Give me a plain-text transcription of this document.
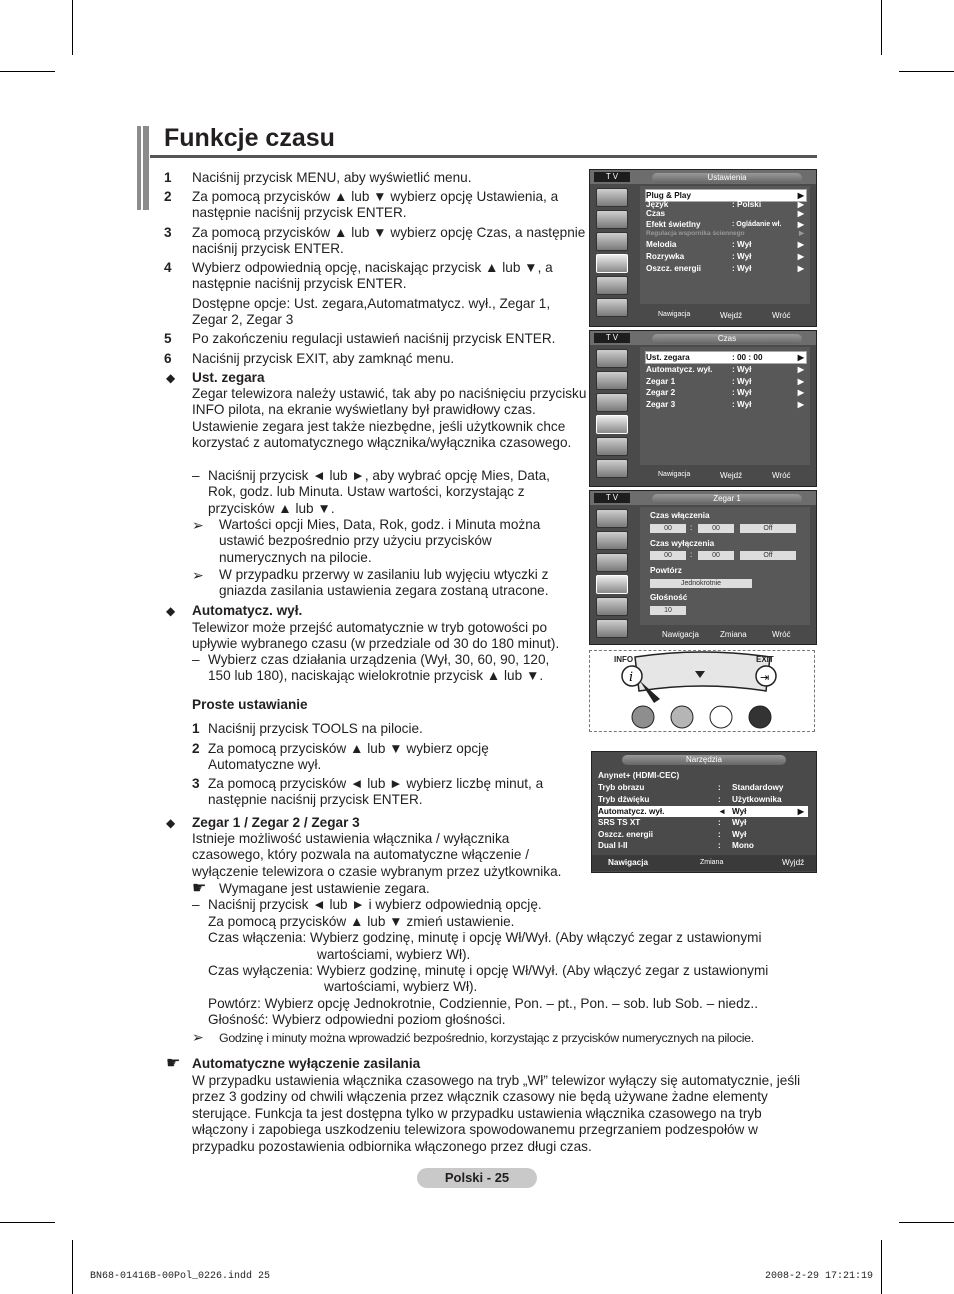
Funkcje czasu
1 Naciśnij przycisk MENU, aby wyświetlić menu.
2 Za pomocą przycisków ▲ lub ▼ wybierz opcję Ustawienia, a następnie naciśnij przycisk ENTER.
3 Za pomocą przycisków ▲ lub ▼ wybierz opcję Czas, a następnie naciśnij przycisk ENTER.
4 Wybierz odpowiednią opcję, naciskając przycisk ▲ lub ▼, a następnie naciśnij przycisk ENTER.
Dostępne opcje: Ust. zegara,Automatmatycz. wył., Zegar 1, Zegar 2, Zegar 3
5 Po zakończeniu regulacji ustawień naciśnij przycisk ENTER.
6 Naciśnij przycisk EXIT, aby zamknąć menu.
◆ Ust. zegara
Zegar telewizora należy ustawić, tak aby po naciśnięciu przycisku INFO pilota, na ekranie wyświetlany był prawidłowy czas. Ustawienie zegara jest także niezbędne, jeśli użytkownik chce korzystać z automatycznego włącznika/wyłącznika czasowego.
– Naciśnij przycisk ◄ lub ►, aby wybrać opcję Mies, Data, Rok, godz. lub Minuta. Ustaw wartości, korzystając z przycisków ▲ lub ▼.
➢ Wartości opcji Mies, Data, Rok, godz. i Minuta można ustawić bezpośrednio przy użyciu przycisków numerycznych na pilocie.
➢ W przypadku przerwy w zasilaniu lub wyjęciu wtyczki z gniazda zasilania ustawienia zegara zostaną utracone.
◆ Automatycz. wył.
Telewizor może przejść automatycznie w tryb gotowości po upływie wybranego czasu (w przedziale od 30 do 180 minut).
– Wybierz czas działania urządzenia (Wył, 30, 60, 90, 120, 150 lub 180), naciskając wielokrotnie przycisk ▲ lub ▼.
Proste ustawianie
1 Naciśnij przycisk TOOLS na pilocie.
2 Za pomocą przycisków ▲ lub ▼ wybierz opcję Automatyczne wył.
3 Za pomocą przycisków ◄ lub ► wybierz liczbę minut, a następnie naciśnij przycisk ENTER.
◆ Zegar 1 / Zegar 2 / Zegar 3
Istnieje możliwość ustawienia włącznika / wyłącznika czasowego, który pozwala na automatyczne włączenie / wyłączenie telewizora o czasie wybranym przez użytkownika.
☛ Wymagane jest ustawienie zegara.
– Naciśnij przycisk ◄ lub ► i wybierz odpowiednią opcję.
Za pomocą przycisków ▲ lub ▼ zmień ustawienie.
Czas włączenia: Wybierz godzinę, minutę i opcję Wł/Wył. (Aby włączyć zegar z ustawionymi
wartościami, wybierz Wł).
Czas wyłączenia: Wybierz godzinę, minutę i opcję Wł/Wył. (Aby włączyć zegar z ustawionymi
wartościami, wybierz Wł).
Powtórz: Wybierz opcję Jednokrotnie, Codziennie, Pon. – pt., Pon. – sob. lub Sob. – niedz..
Głośność: Wybierz odpowiedni poziom głośności.
➢ Godzinę i minuty można wprowadzić bezpośrednio, korzystając z przycisków numerycznych na pilocie.
☛ Automatyczne wyłączenie zasilania
W przypadku ustawienia włącznika czasowego na tryb „Wł” telewizor wyłączy się automatycznie, jeśli przez 3 godziny od chwili włączenia przez włącznik czasowy nie będą używane żadne elementy sterujące. Funkcja ta jest dostępna tylko w przypadku ustawienia włącznika czasowego na tryb włączony i zapobiega uszkodzeniu telewizora spowodowanemu przegrzaniem podzespołów w przypadku pozostawienia odbiornika włączonego przez długi czas.
T V	Ustawienia
Plug & Play	▶
Język	: Polski	▶
Czas	▶
Efekt świetlny	: Ogládanie wł. ▶
Regulacja wspornika ściennego	▶
Melodia	: Wył	▶
Rozrywka	: Wył	▶
Oszcz. energii	: Wył	▶
Nawigacja	Wejdź	Wróć
T V	Czas
Ust. zegara	: 00 : 00	▶
Automatycz. wył. : Wył	▶
Zegar 1	: Wył	▶
Zegar 2	: Wył	▶
Zegar 3	: Wył	▶
Nawigacja	Wejdź	Wróć
T V	Zegar 1
Czas włączenia
00	:	00	Off
Czas wyłączenia
00	:	00	Off
Powtórz
Jednokrotnie
Głośność
10
Nawigacja	Zmiana	Wróć
i	⇥
INFO	EXIT
Narzędzia
Anynet+ (HDMI-CEC)
Tryb obrazu	: Standardowy
Tryb dźwięku	: Użytkownika
Automatycz. wył.	◄ Wył	▶
SRS TS XT	: Wył
Oszcz. energii	: Wył
Dual I-II	: Mono
Nawigacja	Zmiana	Wyjdź
Polski - 25
BN68-01416B-00Pol_0226.indd 25	2008-2-29 17:21:19
